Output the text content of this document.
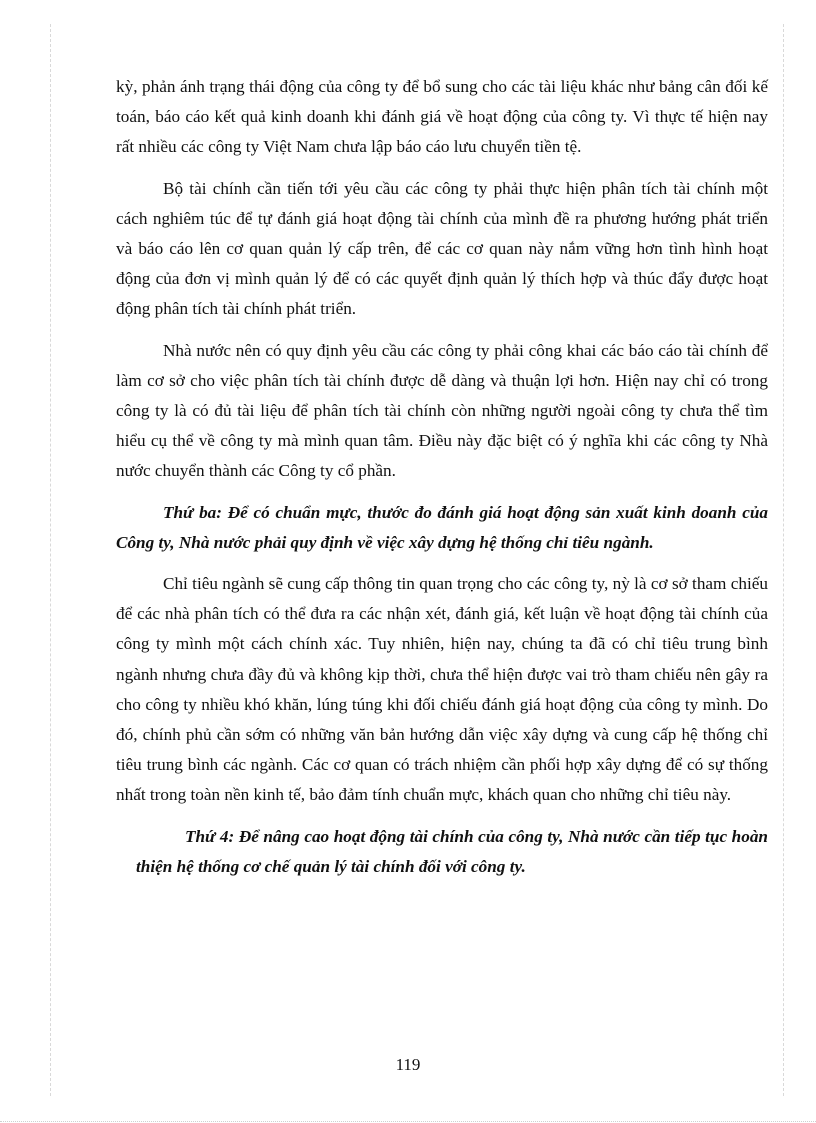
kỳ, phản ánh trạng thái động của công ty để bổ sung cho các tài liệu khác như bảng cân đối kế toán, báo cáo kết quả kinh doanh khi đánh giá về hoạt động của công ty. Vì thực tế hiện nay rất nhiều các công ty Việt Nam chưa lập báo cáo lưu chuyển tiền tệ.

Bộ tài chính cần tiến tới yêu cầu các công ty phải thực hiện phân tích tài chính một cách nghiêm túc để tự đánh giá hoạt động tài chính của mình đề ra phương hướng phát triển và báo cáo lên cơ quan quản lý cấp trên, để các cơ quan này nắm vững hơn tình hình hoạt động của đơn vị mình quản lý để có các quyết định quản lý thích hợp và thúc đẩy được hoạt động phân tích tài chính phát triển.

Nhà nước nên có quy định yêu cầu các công ty phải công khai các báo cáo tài chính để làm cơ sở cho việc phân tích tài chính được dễ dàng và thuận lợi hơn. Hiện nay chỉ có trong công ty là có đủ tài liệu để phân tích tài chính còn những người ngoài công ty chưa thể tìm hiểu cụ thể về công ty mà mình quan tâm. Điều này đặc biệt có ý nghĩa khi các công ty Nhà nước chuyển thành các Công ty cổ phần.

Thứ ba: Để có chuẩn mực, thước đo đánh giá hoạt động sản xuất kinh doanh của Công ty, Nhà nước phải quy định về việc xây dựng hệ thống chỉ tiêu ngành.

Chỉ tiêu ngành sẽ cung cấp thông tin quan trọng cho các công ty, nỳ là cơ sở tham chiếu để các nhà phân tích có thể đưa ra các nhận xét, đánh giá, kết luận về hoạt động tài chính của công ty mình một cách chính xác. Tuy nhiên, hiện nay, chúng ta đã có chỉ tiêu trung bình ngành nhưng chưa đầy đủ và không kịp thời, chưa thể hiện được vai trò tham chiếu nên gây ra cho công ty nhiều khó khăn, lúng túng khi đối chiếu đánh giá hoạt động của công ty mình. Do đó, chính phủ cần sớm có những văn bản hướng dẫn việc xây dựng và cung cấp hệ thống chỉ tiêu trung bình các ngành. Các cơ quan có trách nhiệm cần phối hợp xây dựng để có sự thống nhất trong toàn nền kinh tế, bảo đảm tính chuẩn mực, khách quan cho những chỉ tiêu này.

Thứ 4: Để nâng cao hoạt động tài chính của công ty, Nhà nước cần tiếp tục hoàn thiện hệ thống cơ chế quản lý tài chính đối với công ty.

119
